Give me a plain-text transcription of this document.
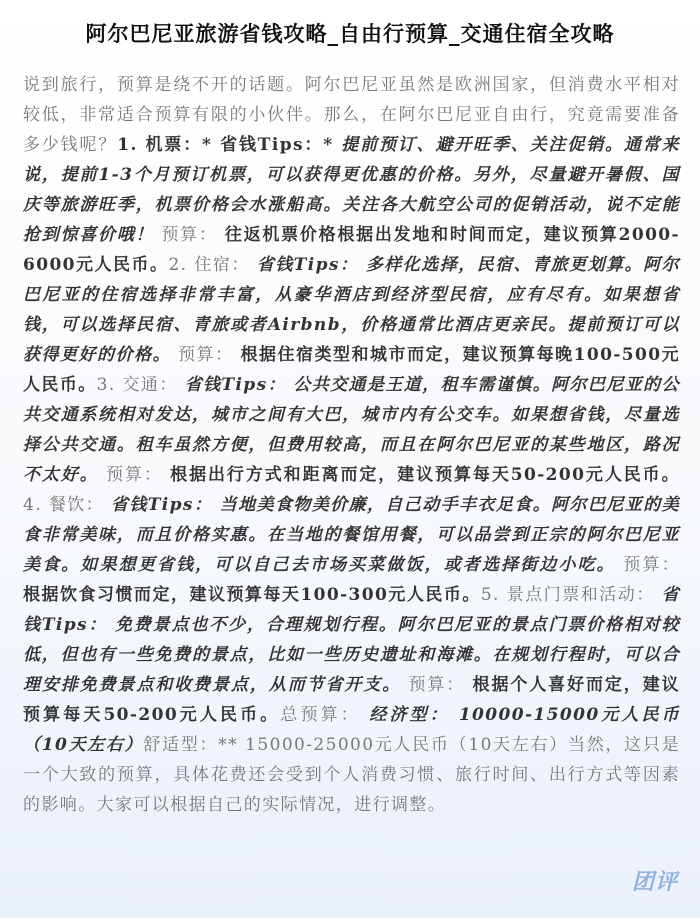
阿尔巴尼亚旅游省钱攻略_自由行预算_交通住宿全攻略

说到旅行，预算是绕不开的话题。阿尔巴尼亚虽然是欧洲国家，但消费水平相对较低，非常适合预算有限的小伙伴。那么，在阿尔巴尼亚自由行，究竟需要准备多少钱呢？1. 机票：* 省钱Tips：* 提前预订、避开旺季、关注促销。通常来说，提前1-3个月预订机票，可以获得更优惠的价格。另外，尽量避开暑假、国庆等旅游旺季，机票价格会水涨船高。关注各大航空公司的促销活动，说不定能抢到惊喜价哦！ 预算： 往返机票价格根据出发地和时间而定，建议预算2000-6000元人民币。2. 住宿： 省钱Tips： 多样化选择，民宿、青旅更划算。阿尔巴尼亚的住宿选择非常丰富，从豪华酒店到经济型民宿，应有尽有。如果想省钱，可以选择民宿、青旅或者Airbnb，价格通常比酒店更亲民。提前预订可以获得更好的价格。 预算： 根据住宿类型和城市而定，建议预算每晚100-500元人民币。3. 交通： 省钱Tips： 公共交通是王道，租车需谨慎。阿尔巴尼亚的公共交通系统相对发达，城市之间有大巴，城市内有公交车。如果想省钱，尽量选择公共交通。租车虽然方便，但费用较高，而且在阿尔巴尼亚的某些地区，路况不太好。 预算： 根据出行方式和距离而定，建议预算每天50-200元人民币。4. 餐饮： 省钱Tips： 当地美食物美价廉，自己动手丰衣足食。阿尔巴尼亚的美食非常美味，而且价格实惠。在当地的餐馆用餐，可以品尝到正宗的阿尔巴尼亚美食。如果想更省钱，可以自己去市场买菜做饭，或者选择街边小吃。 预算： 根据饮食习惯而定，建议预算每天100-300元人民币。5. 景点门票和活动： 省钱Tips： 免费景点也不少，合理规划行程。阿尔巴尼亚的景点门票价格相对较低，但也有一些免费的景点，比如一些历史遗址和海滩。在规划行程时，可以合理安排免费景点和收费景点，从而节省开支。 预算： 根据个人喜好而定，建议预算每天50-200元人民币。总预算： 经济型： 10000-15000元人民币（10天左右）舒适型：** 15000-25000元人民币（10天左右）当然，这只是一个大致的预算，具体花费还会受到个人消费习惯、旅行时间、出行方式等因素的影响。大家可以根据自己的实际情况，进行调整。

团评
